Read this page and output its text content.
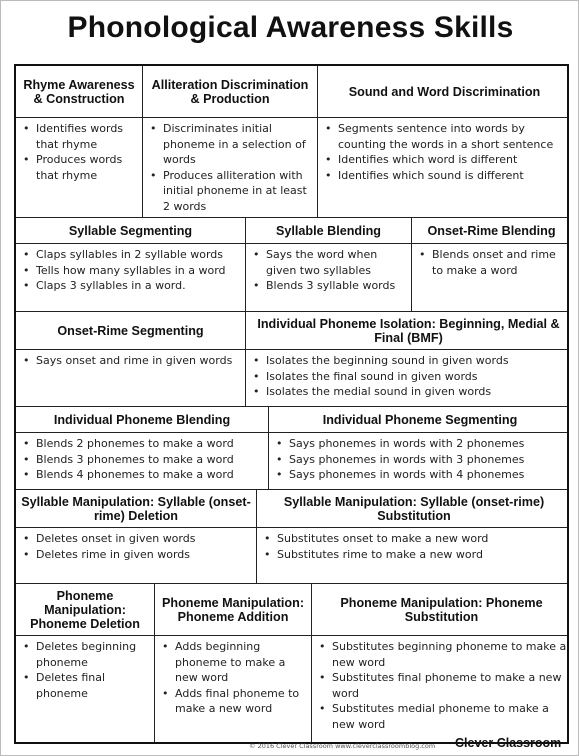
Phonological Awareness Skills
Rhyme Awareness & Construction
Alliteration Discrimination & Production	Sound and Word Discrimination
• Identifies words that rhyme
• Produces words that rhyme
• Discriminates initial phoneme in a selection of words
• Produces alliteration with initial phoneme in at least 2 words
• Segments sentence into words by counting the words in a short sentence
• Identifies which word is different
• Identifies which sound is different
Syllable Segmenting	Syllable Blending	Onset-Rime Blending
• Claps syllables in 2 syllable words
• Tells how many syllables in a word
• Claps 3 syllables in a word.
• Says the word when given two syllables
• Blends 3 syllable words
• Blends onset and rime to make a word
Onset-Rime Segmenting	Individual Phoneme Isolation: Beginning, Medial & Final (BMF)
• Says onset and rime in given words
•	Isolates the beginning sound in given words
• Isolates the final sound in given words
• Isolates the medial sound in given words
Individual Phoneme Blending	Individual Phoneme Segmenting
• Blends 2 phonemes to make a word
• Blends 3 phonemes to make a word
• Blends 4 phonemes to make a word
• Says phonemes in words with 2 phonemes
• Says phonemes in words with 3 phonemes
• Says phonemes in words with 4 phonemes
Syllable Manipulation: Syllable (onset-rime) Deletion
Syllable Manipulation: Syllable (onset-rime) Substitution
• Deletes onset in given words
• Deletes rime in given words
• Substitutes onset to make a new word
• Substitutes rime to make a new word
Phoneme Manipulation: Phoneme Deletion
Phoneme Manipulation: Phoneme Addition
Phoneme Manipulation: Phoneme Substitution
• Deletes beginning phoneme
• Deletes final phoneme
• Adds beginning phoneme to make a new word
• Adds final phoneme to make a new word
• Substitutes beginning phoneme to make a new word
• Substitutes final phoneme to make a new word
• Substitutes medial phoneme to make a new word
© 2016 Clever Classroom www.cleverclassroomblog.com Clever Classroom
